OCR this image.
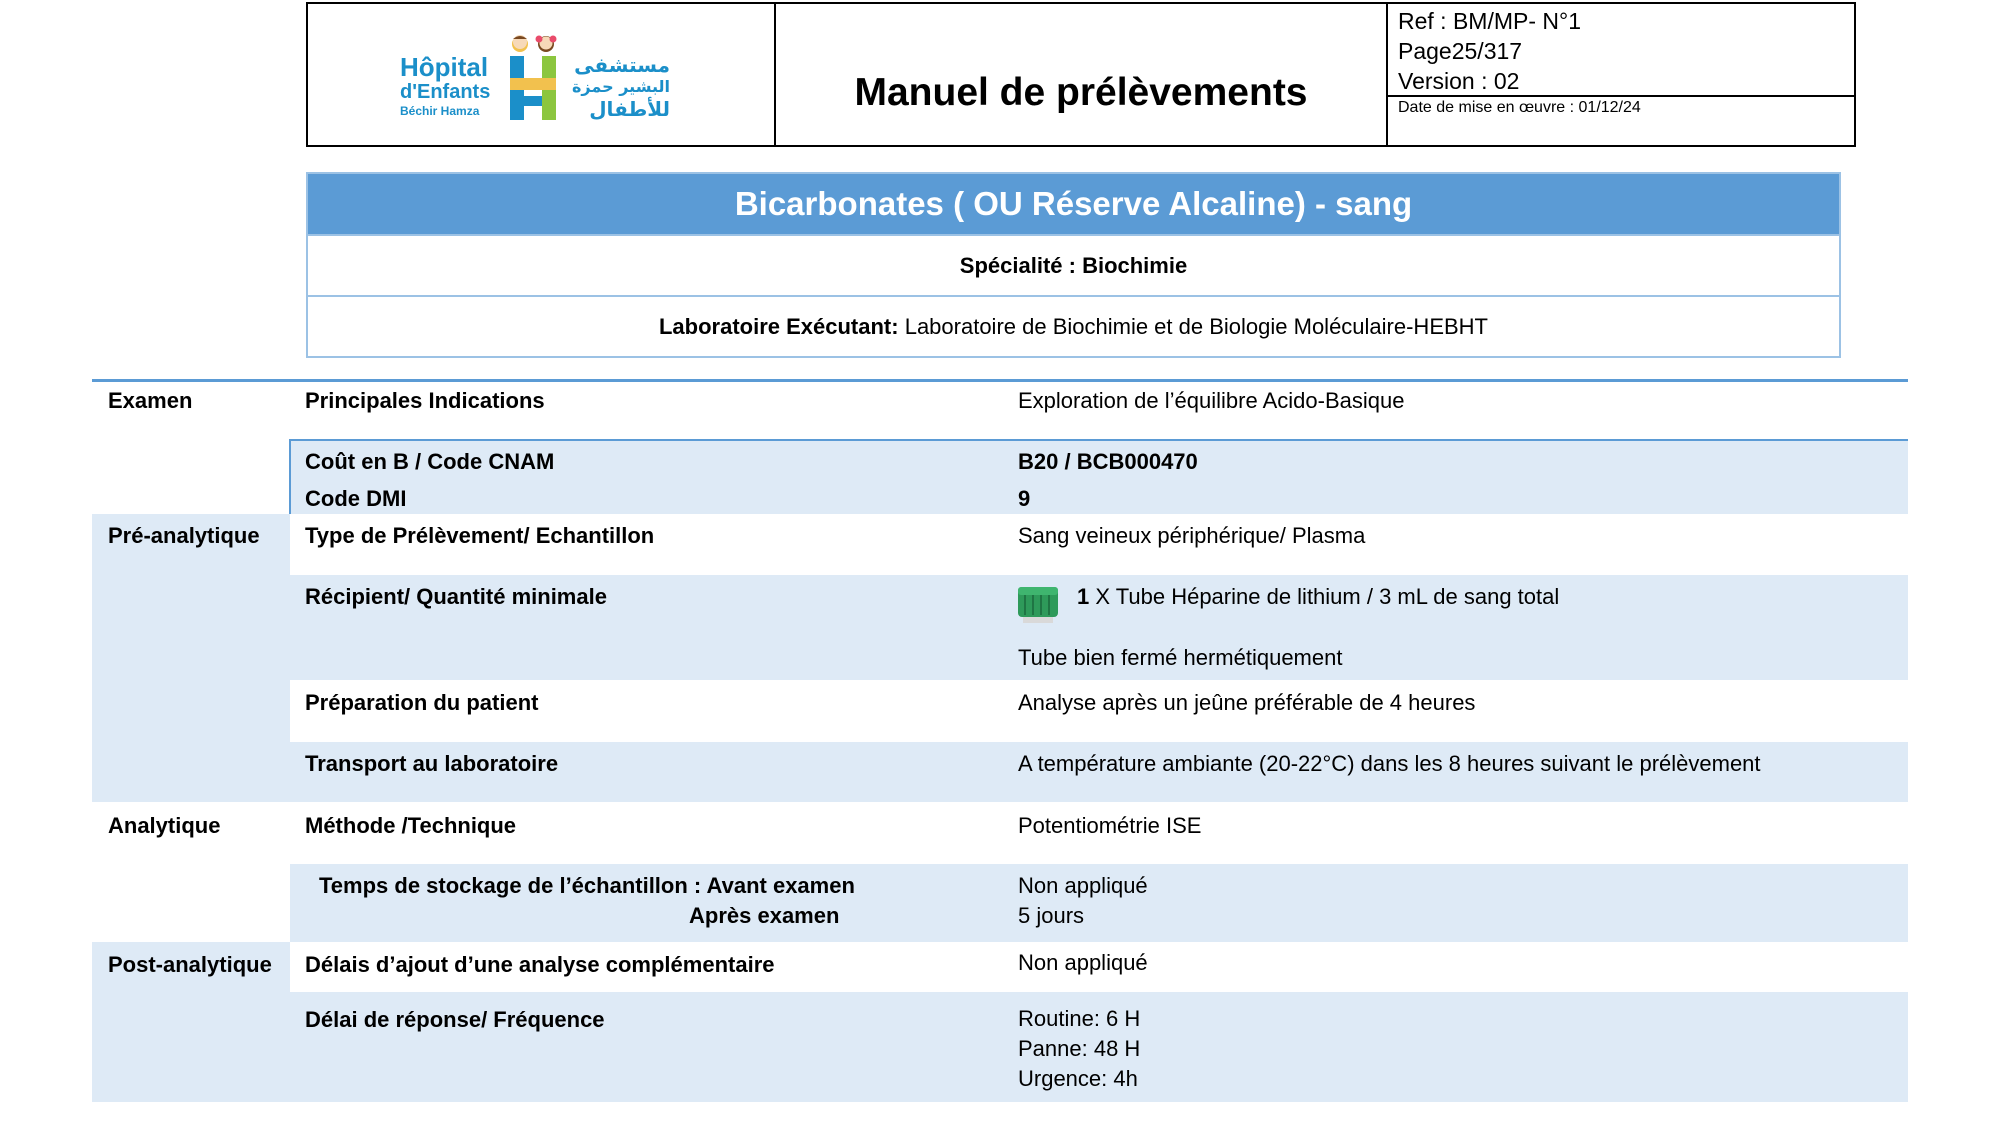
Hôpital
d'Enfants
Béchir Hamza
مستشفى
البشير حمزة
للأطفال	Manuel de prélèvements
Ref : BM/MP- N°1
Page25/317
Version : 02
Date de mise en œuvre : 01/12/24
Bicarbonates ( OU Réserve Alcaline) - sang
Spécialité : Biochimie
Laboratoire Exécutant: Laboratoire de Biochimie et de Biologie Moléculaire-HEBHT
Examen
Pré-analytique
Analytique
Post-analytique
Principales Indications
Coût en B / Code CNAM
Code DMI
Type de Prélèvement/ Echantillon
Récipient/ Quantité minimale
Préparation du patient
Transport au laboratoire
Méthode /Technique
Temps de stockage de l’échantillon : Avant examen
Après examen
Délais d’ajout d’une analyse complémentaire
Délai de réponse/ Fréquence
Exploration de l’équilibre Acido-Basique
B20 / BCB000470
9
Sang veineux périphérique/ Plasma
1 X Tube Héparine de lithium / 3 mL de sang total
Tube bien fermé hermétiquement
Analyse après un jeûne préférable de 4 heures
A température ambiante (20-22°C) dans les 8 heures suivant le prélèvement
Potentiométrie ISE
Non appliqué
5 jours
Non appliqué
Routine: 6 H
Panne: 48 H
Urgence: 4h
